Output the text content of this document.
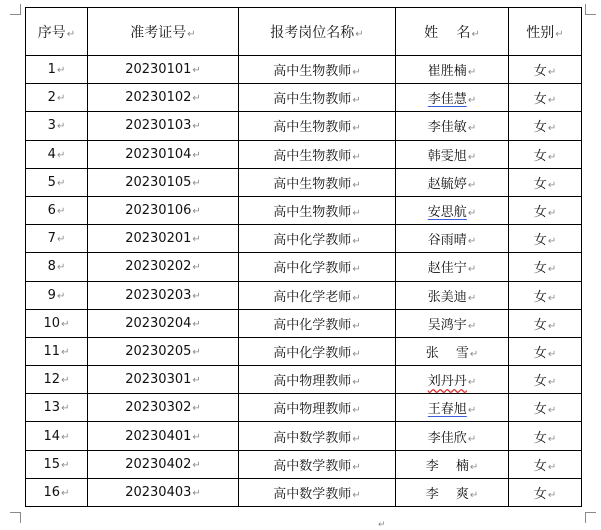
序号↵	准考证号↵	报考岗位名称↵	姓　 名↵	性别↵
1↵	20230101↵	高中生物教师↵	崔胜楠↵	女↵
2↵	20230102↵	高中生物教师↵	李佳慧↵	女↵
3↵	20230103↵	高中生物教师↵	李佳敏↵	女↵
4↵	20230104↵	高中生物教师↵	韩雯旭↵	女↵
5↵	20230105↵	高中生物教师↵	赵毓婷↵	女↵
6↵	20230106↵	高中生物教师↵	安思航↵	女↵
7↵	20230201↵	高中化学教师↵	谷雨晴↵	女↵
8↵	20230202↵	高中化学教师↵	赵佳宁↵	女↵
9↵	20230203↵	高中化学老师↵	张美迪↵	女↵
10↵	20230204↵	高中化学教师↵	吴鸿宇↵	女↵
11↵	20230205↵	高中化学教师↵	张　 雪↵	女↵
12↵	20230301↵	高中物理教师↵	刘丹丹↵	女↵
13↵	20230302↵	高中物理教师↵	王春旭↵	女↵
14↵	20230401↵	高中数学教师↵	李佳欣↵	女↵
15↵	20230402↵	高中数学教师↵	李　 楠↵	女↵
16↵	20230403↵	高中数学教师↵	李　 爽↵	女↵
↵
